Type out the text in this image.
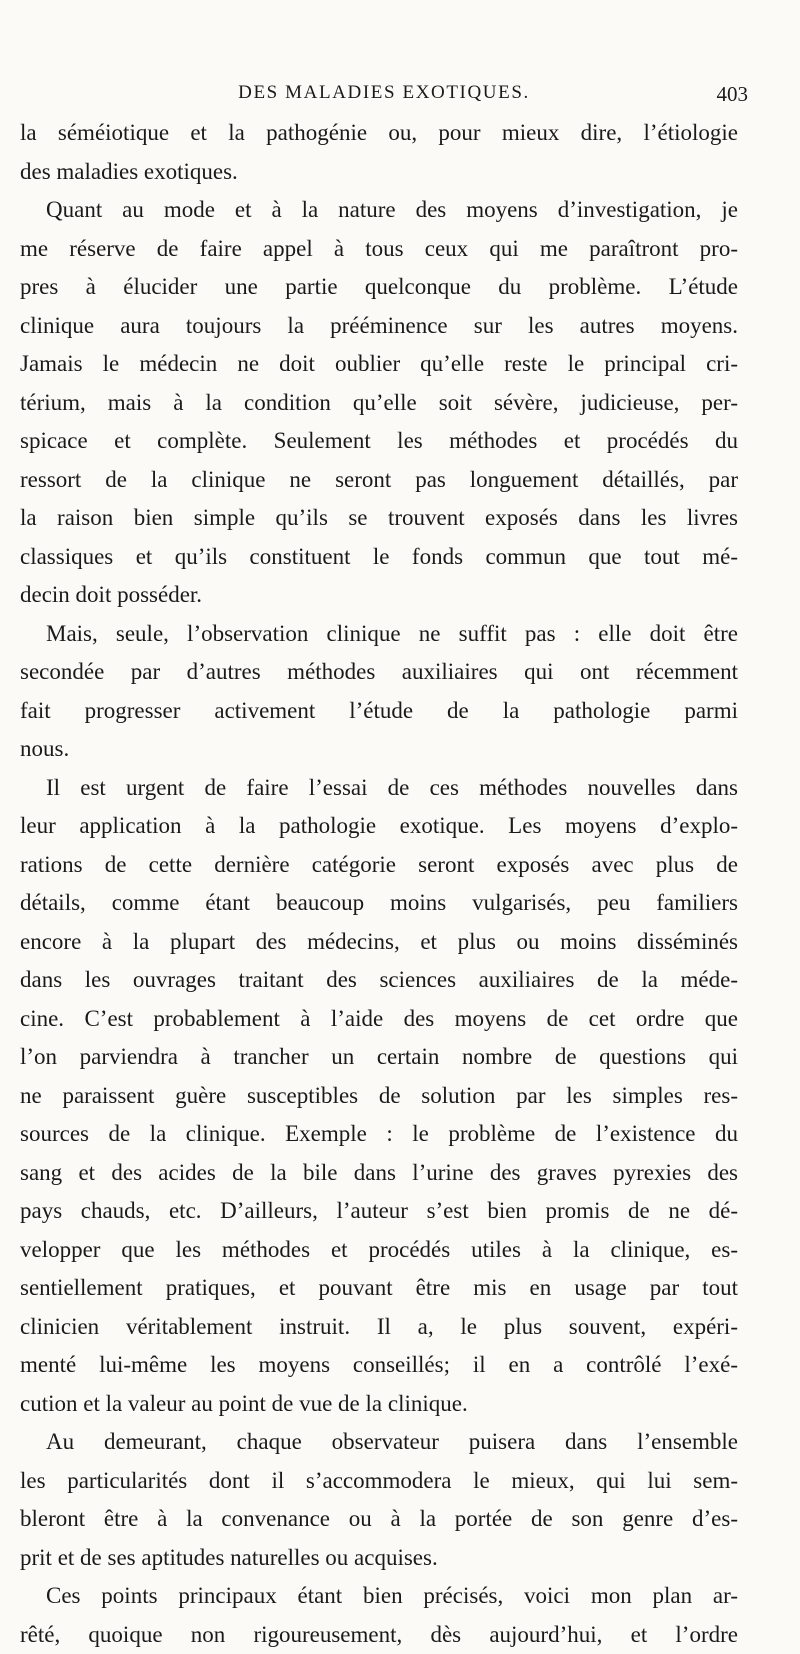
DES MALADIES EXOTIQUES.	403
la séméiotique et la pathogénie ou, pour mieux dire, l’étiologie
des maladies exotiques.
Quant au mode et à la nature des moyens d’investigation, je
me réserve de faire appel à tous ceux qui me paraîtront pro-
pres à élucider une partie quelconque du problème. L’étude
clinique aura toujours la prééminence sur les autres moyens.
Jamais le médecin ne doit oublier qu’elle reste le principal cri-
térium, mais à la condition qu’elle soit sévère, judicieuse, per-
spicace et complète. Seulement les méthodes et procédés du
ressort de la clinique ne seront pas longuement détaillés, par
la raison bien simple qu’ils se trouvent exposés dans les livres
classiques et qu’ils constituent le fonds commun que tout mé-
decin doit posséder.
Mais, seule, l’observation clinique ne suffit pas : elle doit être
secondée par d’autres méthodes auxiliaires qui ont récemment
fait progresser activement l’étude de la pathologie parmi
nous.
Il est urgent de faire l’essai de ces méthodes nouvelles dans
leur application à la pathologie exotique. Les moyens d’explo-
rations de cette dernière catégorie seront exposés avec plus de
détails, comme étant beaucoup moins vulgarisés, peu familiers
encore à la plupart des médecins, et plus ou moins disséminés
dans les ouvrages traitant des sciences auxiliaires de la méde-
cine. C’est probablement à l’aide des moyens de cet ordre que
l’on parviendra à trancher un certain nombre de questions qui
ne paraissent guère susceptibles de solution par les simples res-
sources de la clinique. Exemple : le problème de l’existence du
sang et des acides de la bile dans l’urine des graves pyrexies des
pays chauds, etc. D’ailleurs, l’auteur s’est bien promis de ne dé-
velopper que les méthodes et procédés utiles à la clinique, es-
sentiellement pratiques, et pouvant être mis en usage par tout
clinicien véritablement instruit. Il a, le plus souvent, expéri-
menté lui-même les moyens conseillés; il en a contrôlé l’exé-
cution et la valeur au point de vue de la clinique.
Au demeurant, chaque observateur puisera dans l’ensemble
les particularités dont il s’accommodera le mieux, qui lui sem-
bleront être à la convenance ou à la portée de son genre d’es-
prit et de ses aptitudes naturelles ou acquises.
Ces points principaux étant bien précisés, voici mon plan ar-
rêté, quoique non rigoureusement, dès aujourd’hui, et l’ordre
